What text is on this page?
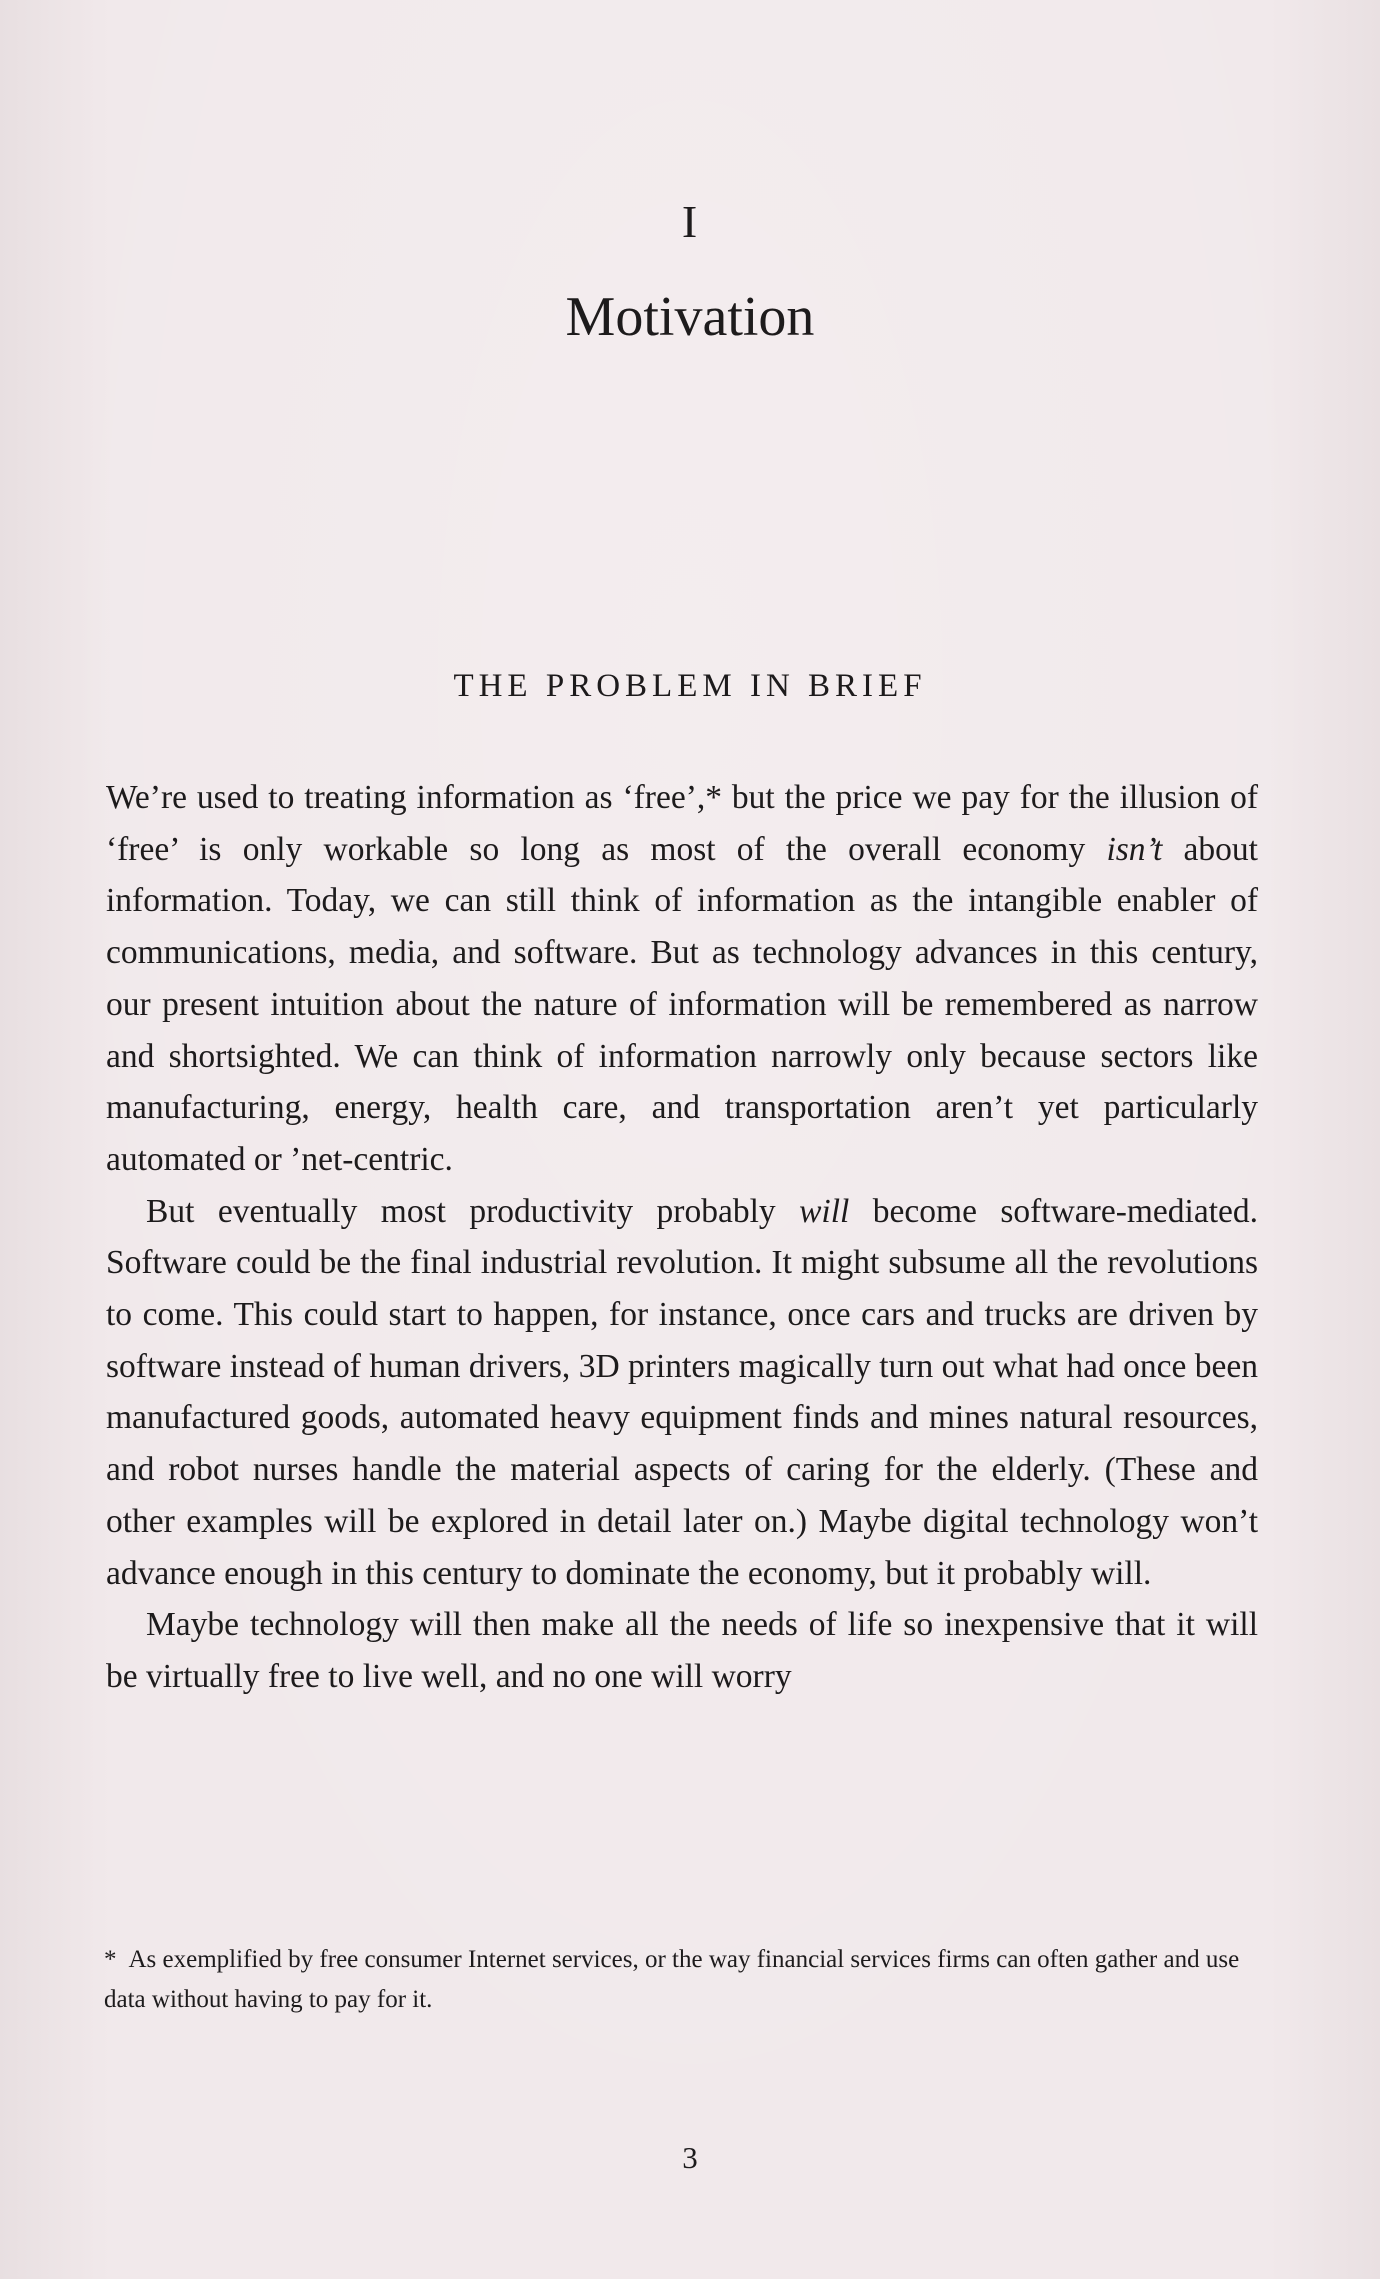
I
Motivation
THE PROBLEM IN BRIEF

We’re used to treating information as ‘free’,* but the price we pay for the illusion of ‘free’ is only workable so long as most of the overall economy isn’t about information. Today, we can still think of information as the intangible enabler of communications, media, and software. But as technology advances in this century, our present intuition about the nature of information will be remembered as narrow and shortsighted. We can think of information narrowly only because sectors like manufacturing, energy, health care, and transportation aren’t yet particularly automated or ’net-centric.

But eventually most productivity probably will become software-mediated. Software could be the final industrial revolution. It might subsume all the revolutions to come. This could start to happen, for instance, once cars and trucks are driven by software instead of human drivers, 3D printers magically turn out what had once been manufactured goods, automated heavy equipment finds and mines natural resources, and robot nurses handle the material aspects of caring for the elderly. (These and other examples will be explored in detail later on.) Maybe digital technology won’t advance enough in this century to dominate the economy, but it probably will.

Maybe technology will then make all the needs of life so inexpensive that it will be virtually free to live well, and no one will worry

* As exemplified by free consumer Internet services, or the way financial services firms can often gather and use data without having to pay for it.
3
